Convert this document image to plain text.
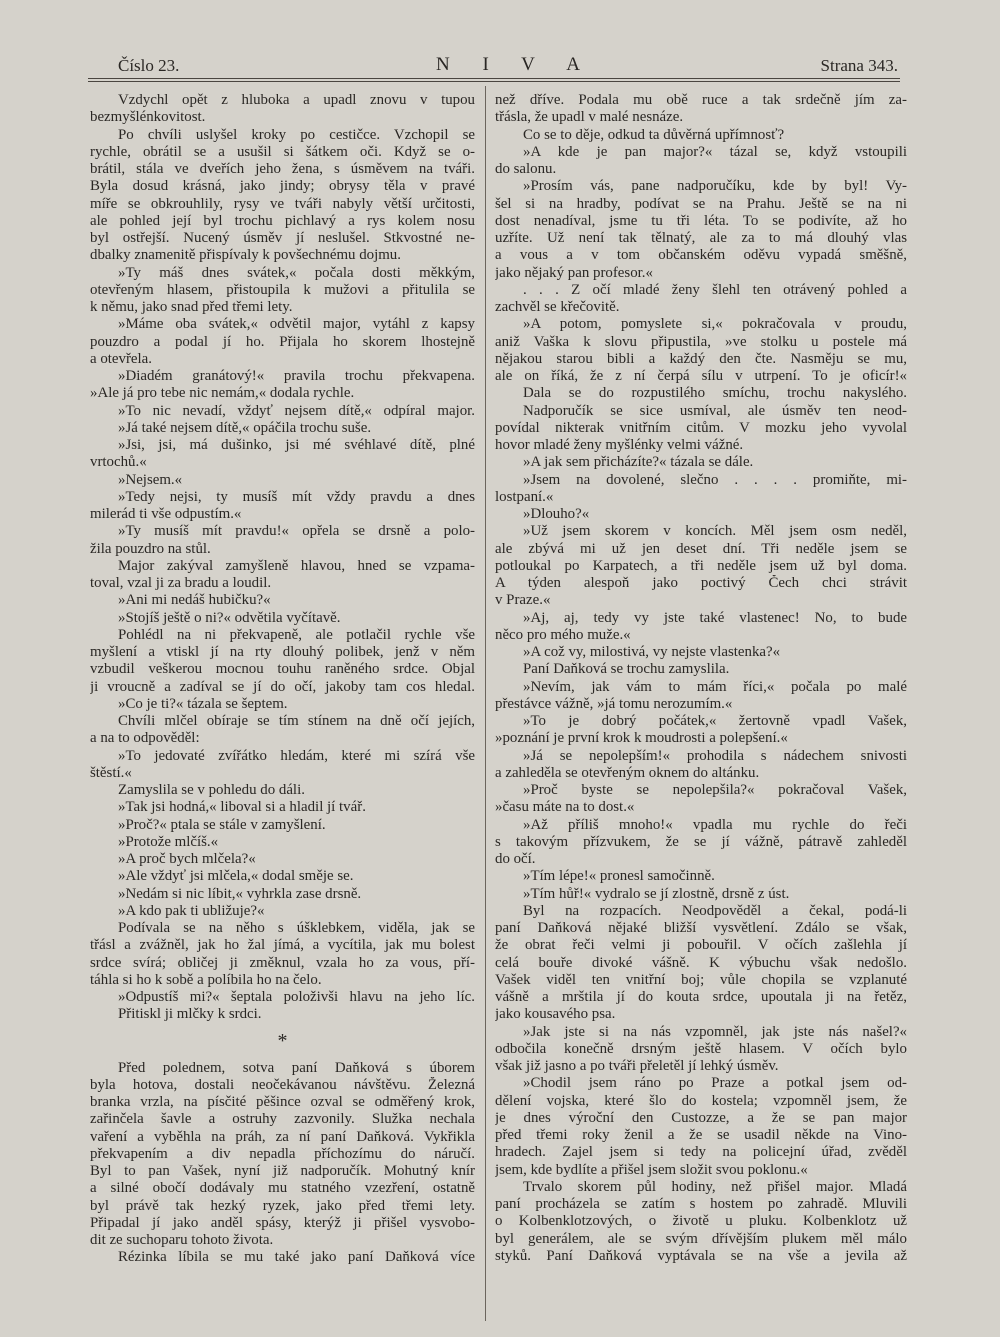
Číslo 23.	N I V A	Strana 343.
Vzdychl opět z hluboka a upadl znovu v tupou
bezmyšlénkovitost.
Po chvíli uslyšel kroky po cestičce. Vzchopil se
rychle, obrátil se a usušil si šátkem oči. Když se o-
brátil, stála ve dveřích jeho žena, s úsměvem na tváři.
Byla dosud krásná, jako jindy; obrysy těla v pravé
míře se obkrouhlily, rysy ve tváři nabyly větší určitosti,
ale pohled její byl trochu pichlavý a rys kolem nosu
byl ostřejší. Nucený úsměv jí neslušel. Stkvostné ne-
dbalky znamenitě přispívaly k povšechnému dojmu.
»Ty máš dnes svátek,« počala dosti měkkým,
otevřeným hlasem, přistoupila k mužovi a přitulila se
k němu, jako snad před třemi lety.
»Máme oba svátek,« odvětil major, vytáhl z kapsy
pouzdro a podal jí ho. Přijala ho skorem lhostejně
a otevřela.
»Diadém granátový!« pravila trochu překvapena.
»Ale já pro tebe nic nemám,« dodala rychle.
»To nic nevadí, vždyť nejsem dítě,« odpíral major.
»Já také nejsem dítě,« opáčila trochu suše.
»Jsi, jsi, má dušinko, jsi mé svéhlavé dítě, plné
vrtochů.«
»Nejsem.«
»Tedy nejsi, ty musíš mít vždy pravdu a dnes
milerád ti vše odpustím.«
»Ty musíš mít pravdu!« opřela se drsně a polo-
žila pouzdro na stůl.
Major zakýval zamyšleně hlavou, hned se vzpama-
toval, vzal ji za bradu a loudil.
»Ani mi nedáš hubičku?«
»Stojíš ještě o ni?« odvětila vyčítavě.
Pohlédl na ni překvapeně, ale potlačil rychle vše
myšlení a vtiskl jí na rty dlouhý polibek, jenž v něm
vzbudil veškerou mocnou touhu raněného srdce. Objal
ji vroucně a zadíval se jí do očí, jakoby tam cos hledal.
»Co je ti?« tázala se šeptem.
Chvíli mlčel obíraje se tím stínem na dně očí jejích,
a na to odpověděl:
»To jedovaté zvířátko hledám, které mi szírá vše
štěstí.«
Zamyslila se v pohledu do dáli.
»Tak jsi hodná,« liboval si a hladil jí tvář.
»Proč?« ptala se stále v zamyšlení.
»Protože mlčíš.«
»A proč bych mlčela?«
»Ale vždyť jsi mlčela,« dodal směje se.
»Nedám si nic líbit,« vyhrkla zase drsně.
»A kdo pak ti ubližuje?«
Podívala se na něho s úšklebkem, viděla, jak se
třásl a zvážněl, jak ho žal jímá, a vycítila, jak mu bolest
srdce svírá; obličej ji změknul, vzala ho za vous, pří-
táhla si ho k sobě a políbila ho na čelo.
»Odpustíš mi?« šeptala položivši hlavu na jeho líc.
Přitiskl ji mlčky k srdci.
*
Před polednem, sotva paní Daňková s úborem
byla hotova, dostali neočekávanou návštěvu. Železná
branka vrzla, na písčité pěšince ozval se odměřený krok,
zařinčela šavle a ostruhy zazvonily. Služka nechala
vaření a vyběhla na práh, za ní paní Daňková. Vykřikla
překvapením a div nepadla příchozímu do náručí.
Byl to pan Vašek, nyní již nadporučík. Mohutný knír
a silné obočí dodávaly mu statného vzezření, ostatně
byl právě tak hezký ryzek, jako před třemi lety.
Připadal jí jako anděl spásy, kterýž ji přišel vysvobo-
dit ze suchoparu tohoto života.
Rézinka líbila se mu také jako paní Daňková více
než dříve. Podala mu obě ruce a tak srdečně jím za-
třásla, že upadl v malé nesnáze.
Co se to děje, odkud ta důvěrná upřímnosť?
»A kde je pan major?« tázal se, když vstoupili
do salonu.
»Prosím vás, pane nadporučíku, kde by byl! Vy-
šel si na hradby, podívat se na Prahu. Ještě se na ni
dost nenadíval, jsme tu tři léta. To se podivíte, až ho
uzříte. Už není tak tělnatý, ale za to má dlouhý vlas
a vous a v tom občanském oděvu vypadá směšně,
jako nějaký pan profesor.«
. . . Z očí mladé ženy šlehl ten otrávený pohled a
zachvěl se křečovitě.
»A potom, pomyslete si,« pokračovala v proudu,
aniž Vaška k slovu připustila, »ve stolku u postele má
nějakou starou bibli a každý den čte. Nasměju se mu,
ale on říká, že z ní čerpá sílu v utrpení. To je oficír!«
Dala se do rozpustilého smíchu, trochu nakyslého.
Nadporučík se sice usmíval, ale úsměv ten neod-
povídal nikterak vnitřním citům. V mozku jeho vyvolal
hovor mladé ženy myšlénky velmi vážné.
»A jak sem přicházíte?« tázala se dále.
»Jsem na dovolené, slečno . . . . promiňte, mi-
lostpaní.«
»Dlouho?«
»Už jsem skorem v koncích. Měl jsem osm neděl,
ale zbývá mi už jen deset dní. Tři neděle jsem se
potloukal po Karpatech, a tři neděle jsem už byl doma.
A týden alespoň jako poctivý Čech chci strávit
v Praze.«
»Aj, aj, tedy vy jste také vlastenec! No, to bude
něco pro mého muže.«
»A což vy, milostivá, vy nejste vlastenka?«
Paní Daňková se trochu zamyslila.
»Nevím, jak vám to mám říci,« počala po malé
přestávce vážně, »já tomu nerozumím.«
»To je dobrý počátek,« žertovně vpadl Vašek,
»poznání je první krok k moudrosti a polepšení.«
»Já se nepolepším!« prohodila s nádechem snivosti
a zahleděla se otevřeným oknem do altánku.
»Proč byste se nepolepšila?« pokračoval Vašek,
»času máte na to dost.«
»Až příliš mnoho!« vpadla mu rychle do řeči
s takovým přízvukem, že se jí vážně, pátravě zahleděl
do očí.
»Tím lépe!« pronesl samočinně.
»Tím hůř!« vydralo se jí zlostně, drsně z úst.
Byl na rozpacích. Neodpověděl a čekal, podá-li
paní Daňková nějaké bližší vysvětlení. Zdálo se však,
že obrat řeči velmi ji pobouřil. V očích zašlehla jí
celá bouře divoké vášně. K výbuchu však nedošlo.
Vašek viděl ten vnitřní boj; vůle chopila se vzplanuté
vášně a mrštila jí do kouta srdce, upoutala ji na řetěz,
jako kousavého psa.
»Jak jste si na nás vzpomněl, jak jste nás našel?«
odbočila konečně drsným ještě hlasem. V očích bylo
však již jasno a po tváři přeletěl jí lehký úsměv.
»Chodil jsem ráno po Praze a potkal jsem od-
dělení vojska, které šlo do kostela; vzpomněl jsem, že
je dnes výroční den Custozze, a že se pan major
před třemi roky ženil a že se usadil někde na Vino-
hradech. Zajel jsem si tedy na policejní úřad, zvěděl
jsem, kde bydlíte a přišel jsem složit svou poklonu.«
Trvalo skorem půl hodiny, než přišel major. Mladá
paní procházela se zatím s hostem po zahradě. Mluvili
o Kolbenklotzových, o životě u pluku. Kolbenklotz už
byl generálem, ale se svým dřívějším plukem měl málo
styků. Paní Daňková vyptávala se na vše a jevila až
